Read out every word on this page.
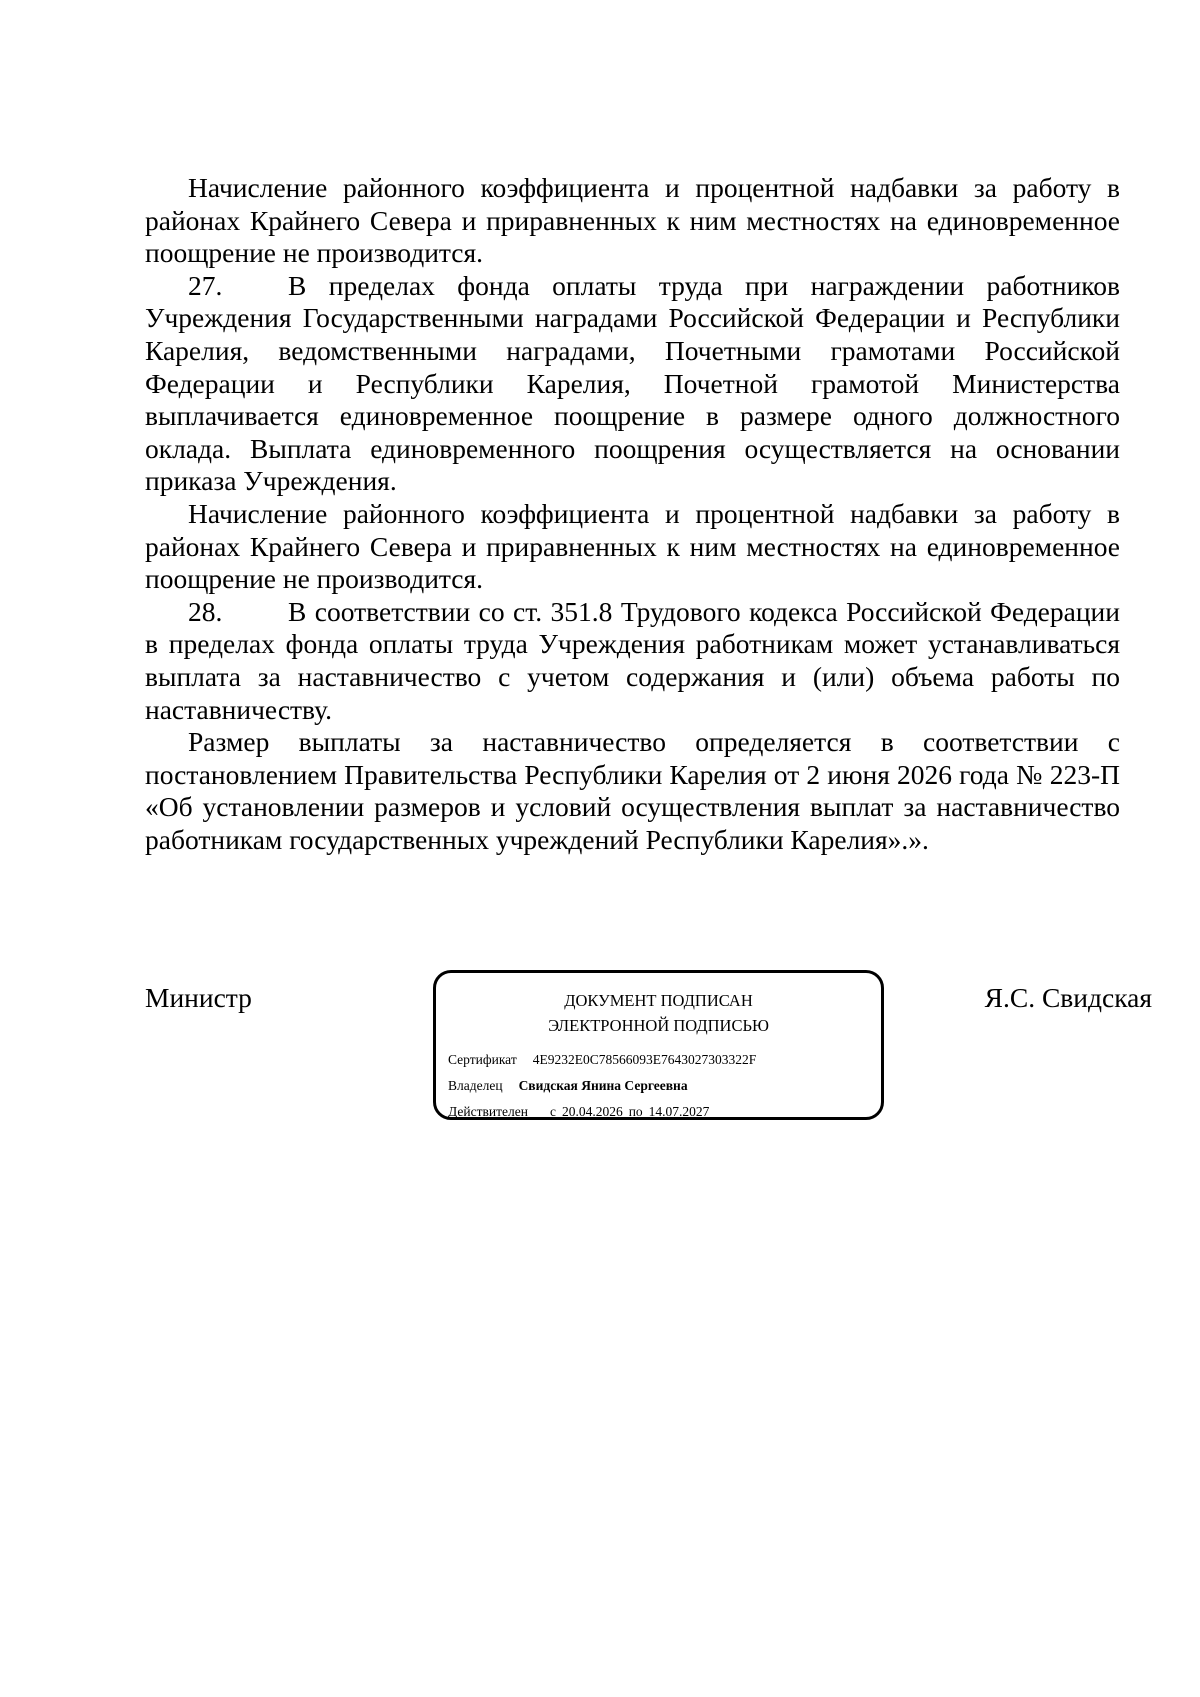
Начисление районного коэффициента и процентной надбавки за работу в районах Крайнего Севера и приравненных к ним местностях на единовременное поощрение не производится.

27. В пределах фонда оплаты труда при награждении работников Учреждения Государственными наградами Российской Федерации и Республики Карелия, ведомственными наградами, Почетными грамотами Российской Федерации и Республики Карелия, Почетной грамотой Министерства выплачивается единовременное поощрение в размере одного должностного оклада. Выплата единовременного поощрения осуществляется на основании приказа Учреждения.

Начисление районного коэффициента и процентной надбавки за работу в районах Крайнего Севера и приравненных к ним местностях на единовременное поощрение не производится.

28. В соответствии со ст. 351.8 Трудового кодекса Российской Федерации в пределах фонда оплаты труда Учреждения работникам может устанавливаться выплата за наставничество с учетом содержания и (или) объема работы по наставничеству.

Размер выплаты за наставничество определяется в соответствии с постановлением Правительства Республики Карелия от 2 июня 2026 года № 223-П «Об установлении размеров и условий осуществления выплат за наставничество работникам государственных учреждений Республики Карелия».».

Министр	ДОКУМЕНТ ПОДПИСАН
ЭЛЕКТРОННОЙ ПОДПИСЬЮ
Сертификат 4E9232E0C78566093E7643027303322F
Владелец Свидская Янина Сергеевна
Действителен с 20.04.2026 по 14.07.2027
Я.С. Свидская
